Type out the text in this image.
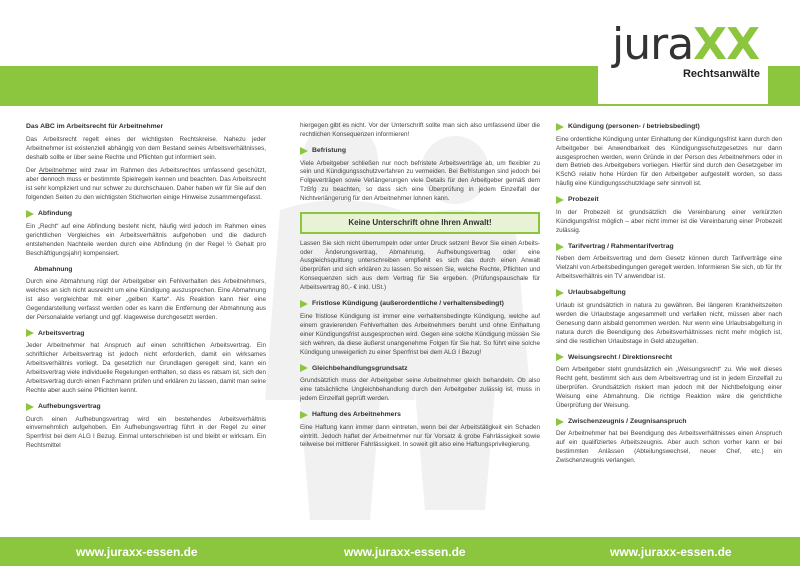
juraXX
Rechtsanwälte
Das ABC im Arbeitsrecht für Arbeitnehmer

Das Arbeitsrecht regelt eines der wichtigsten Rechtskreise. Nahezu jeder Arbeitnehmer ist existenziell abhängig von dem Bestand seines Arbeitsverhältnisses, deshalb sollte er über seine Rechte und Pflichten gut informiert sein.

Der Arbeitnehmer wird zwar im Rahmen des Arbeitsrechtes umfassend geschützt, aber dennoch muss er bestimmte Spielregeln kennen und beachten. Das Arbeitsrecht ist sehr kompliziert und nur schwer zu durchschauen. Daher haben wir für Sie auf den folgenden Seiten zu den wichtigsten Stichworten einige Hinweise zusammengefasst.

Abfindung

Ein „Recht“ auf eine Abfindung besteht nicht, häufig wird jedoch im Rahmen eines gerichtlichen Vergleiches ein Arbeitsverhältnis aufgehoben und die dadurch entstehenden Nachteile werden durch eine Abfindung (in der Regel ½ Gehalt pro Beschäftigungsjahr) kompensiert.

Abmahnung

Durch eine Abmahnung rügt der Arbeitgeber ein Fehlverhalten des Arbeitnehmers, welches an sich nicht ausreicht um eine Kündigung auszusprechen. Eine Abmahnung ist also vergleichbar mit einer „gelben Karte“. Als Reaktion kann hier eine Gegendarstellung verfasst werden oder es kann die Entfernung der Abmahnung aus der Personalakte verlangt und ggf. klageweise durchgesetzt werden.

Arbeitsvertrag

Jeder Arbeitnehmer hat Anspruch auf einen schriftlichen Arbeitsvertrag. Ein schriftlicher Arbeitsvertrag ist jedoch nicht erforderlich, damit ein wirksames Arbeitsverhältnis vorliegt. Da gesetzlich nur Grundlagen geregelt sind, kann ein Arbeitsvertrag viele individuelle Regelungen enthalten, so dass es ratsam ist, sich den Arbeitsvertrag durch einen Fachmann prüfen und erklären zu lassen, damit man seine Rechte aber auch seine Pflichten kennt.

Aufhebungsvertrag

Durch einen Aufhebungsvertrag wird ein bestehendes Arbeitsverhältnis einvernehmlich aufgehoben. Ein Aufhebungsvertrag führt in der Regel zu einer Sperrfrist bei dem ALG I Bezug. Einmal unterschrieben ist und bleibt er wirksam. Ein Rechtsmittel

hiergegen gibt es nicht. Vor der Unterschrift sollte man sich also umfassend über die rechtlichen Konsequenzen informieren!

Befristung

Viele Arbeitgeber schließen nur noch befristete Arbeitsverträge ab, um flexibler zu sein und Kündigungsschutzverfahren zu vermeiden. Bei Befristungen sind jedoch bei Folgeverträgen sowie Verlängerungen viele Details für den Arbeitgeber gemäß dem TzBfg zu beachten, so dass sich eine Überprüfung in jedem Einzelfall der Nichtverlängerung für den Arbeitnehmer lohnen kann.

Keine Unterschrift ohne Ihren Anwalt!

Lassen Sie sich nicht überrumpeln oder unter Druck setzen! Bevor Sie einen Arbeits- oder Änderungsvertrag, Abmahnung, Aufhebungsvertrag oder eine Ausgleichsquittung unterschreiben empfiehlt es sich das durch einen Anwalt überprüfen und sich erklären zu lassen. So wissen Sie, welche Rechte, Pflichten und Konsequenzen sich aus dem Vertrag für Sie ergeben. (Prüfungspauschale für Arbeitsvertrag 80,- € inkl. USt.)

Fristlose Kündigung (außerordentliche / verhaltensbedingt)

Eine fristlose Kündigung ist immer eine verhaltensbedingte Kündigung, welche auf einem gravierenden Fehlverhalten des Arbeitnehmers beruht und ohne Einhaltung einer Kündigungsfrist ausgesprochen wird. Gegen eine solche Kündigung müssen Sie sich wehren, da diese äußerst unangenehme Folgen für Sie hat. So führt eine solche Kündigung unweigerlich zu einer Sperrfrist bei dem ALG I Bezug!

Gleichbehandlungsgrundsatz

Grundsätzlich muss der Arbeitgeber seine Arbeitnehmer gleich behandeln. Ob also eine tatsächliche Ungleichbehandlung durch den Arbeitgeber zulässig ist, muss in jedem Einzelfall geprüft werden.

Haftung des Arbeitnehmers

Eine Haftung kann immer dann eintreten, wenn bei der Arbeitstätigkeit ein Schaden eintritt. Jedoch haftet der Arbeitnehmer nur für Vorsatz & grobe Fahrlässigkeit sowie teilweise bei mittlerer Fahrlässigkeit. In soweit gilt also eine Haftungsprivilegierung.

Kündigung (personen- / betriebsbedingt)

Eine ordentliche Kündigung unter Einhaltung der Kündigungsfrist kann durch den Arbeitgeber bei Anwendbarkeit des Kündigungsschutzgesetzes nur dann ausgesprochen werden, wenn Gründe in der Person des Arbeitnehmers oder in dem Betrieb des Arbeitgebers vorliegen. Hierfür sind durch den Gesetzgeber im KSchG relativ hohe Hürden für den Arbeitgeber aufgestellt worden, so dass häufig eine Kündigungsschutzklage sehr sinnvoll ist.

Probezeit

In der Probezeit ist grundsätzlich die Vereinbarung einer verkürzten Kündigungsfrist möglich – aber nicht immer ist die Vereinbarung einer Probezeit zulässig.

Tarifvertrag / Rahmentarifvertrag

Neben dem Arbeitsvertrag und dem Gesetz können durch Tarifverträge eine Vielzahl von Arbeitsbedingungen geregelt werden. Informieren Sie sich, ob für Ihr Arbeitsverhältnis ein TV anwendbar ist.

Urlaubsabgeltung

Urlaub ist grundsätzlich in natura zu gewähren. Bei längeren Krankheitszeiten werden die Urlaubstage angesammelt und verfallen nicht, müssen aber nach Genesung dann alsbald genommen werden. Nur wenn eine Urlaubsabgeltung in natura durch die Beendigung des Arbeitsverhältnisses nicht mehr möglich ist, sind die restlichen Urlaubstage in Geld abzugelten.

Weisungsrecht / Direktionsrecht

Dem Arbeitgeber steht grundsätzlich ein „Weisungsrecht“ zu. Wie weit dieses Recht geht, bestimmt sich aus dem Arbeitsvertrag und ist in jedem Einzelfall zu überprüfen. Grundsätzlich riskiert man jedoch mit der Nichtbefolgung einer Weisung eine Abmahnung. Die richtige Reaktion wäre die gerichtliche Überprüfung der Weisung.

Zwischenzeugnis / Zeugnisanspruch

Der Arbeitnehmer hat bei Beendigung des Arbeitsverhältnisses einen Anspruch auf ein qualifiziertes Arbeitszeugnis. Aber auch schon vorher kann er bei bestimmten Anlässen (Abteilungswechsel, neuer Chef, etc.) ein Zwischenzeugnis verlangen.

www.juraxx-essen.de	www.juraxx-essen.de	www.juraxx-essen.de
